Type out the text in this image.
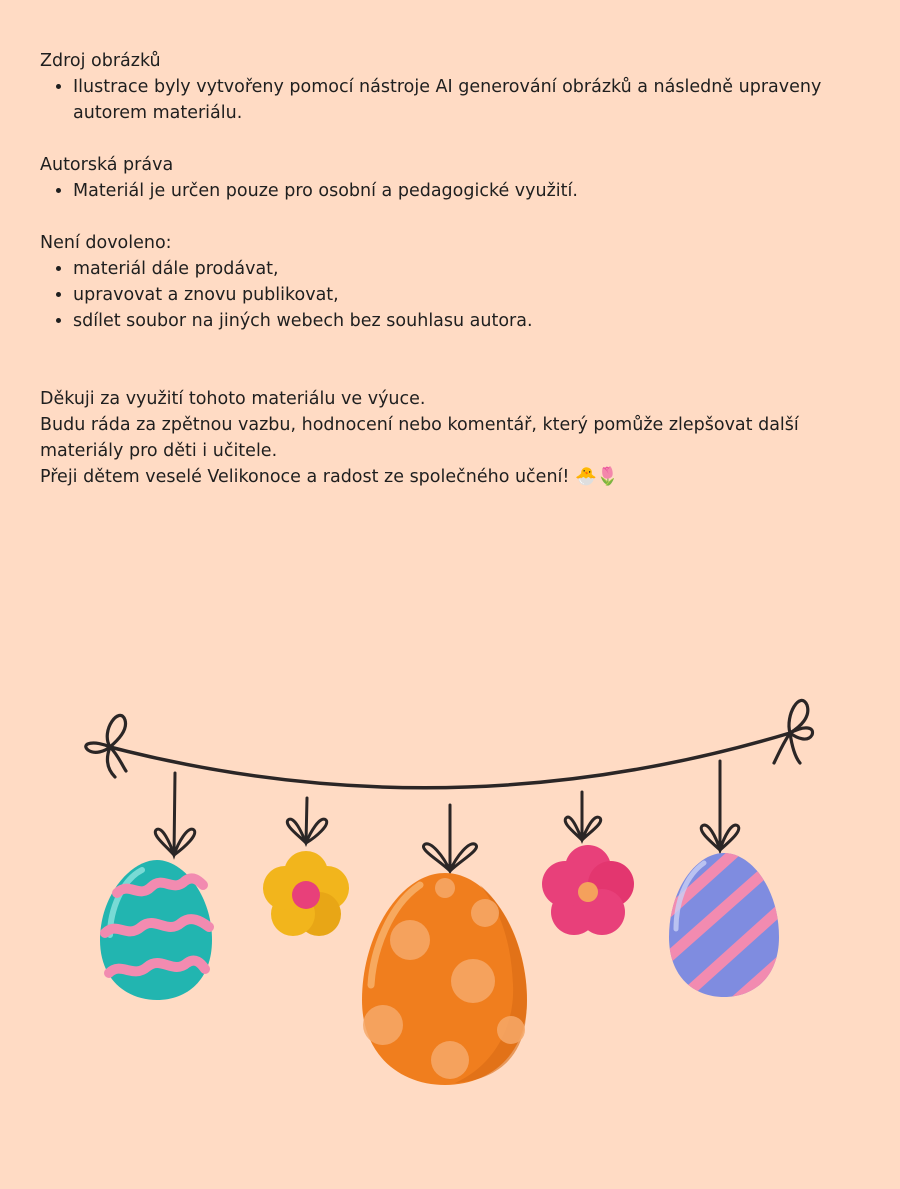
Zdroj obrázků

• Ilustrace byly vytvořeny pomocí nástroje AI generování obrázků a následně upraveny autorem materiálu.

Autorská práva

• Materiál je určen pouze pro osobní a pedagogické využití.

Není dovoleno:

• materiál dále prodávat,
• upravovat a znovu publikovat,
• sdílet soubor na jiných webech bez souhlasu autora.

Děkuji za využití tohoto materiálu ve výuce.

Budu ráda za zpětnou vazbu, hodnocení nebo komentář, který pomůže zlepšovat další materiály pro děti i učitele.

Přeji dětem veselé Velikonoce a radost ze společného učení! 🐣🌷
